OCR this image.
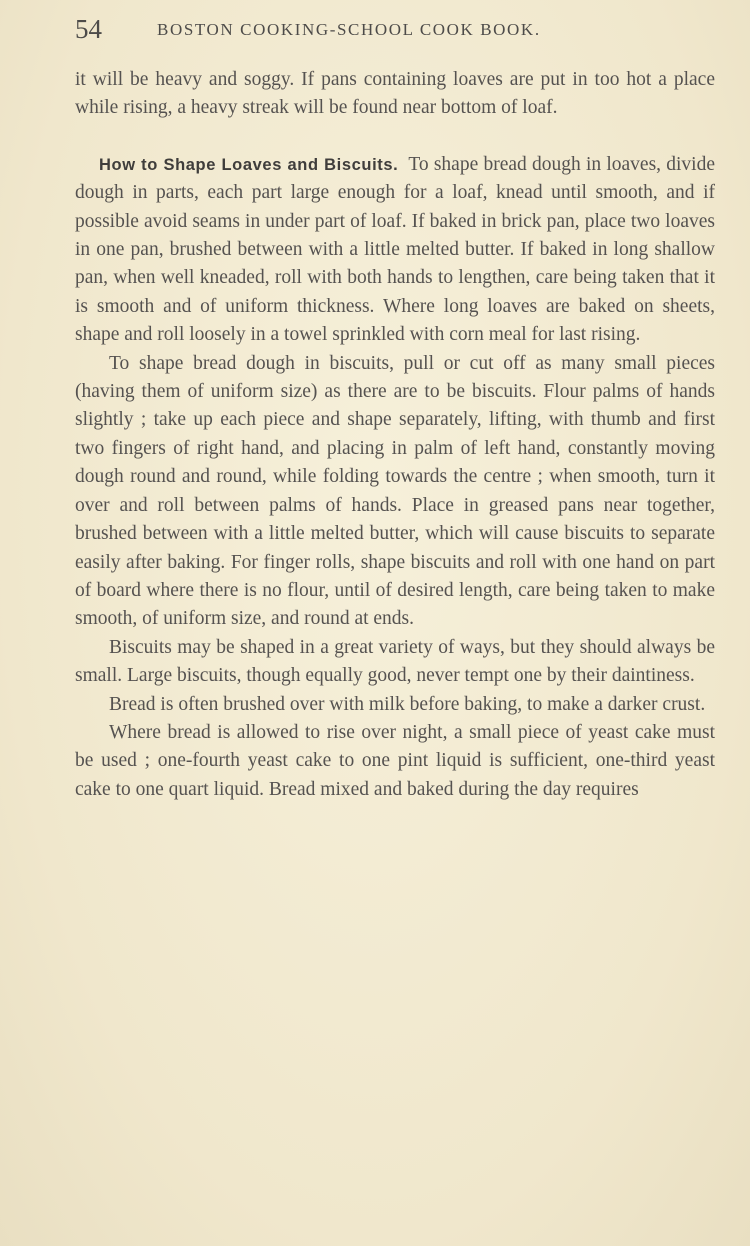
54	BOSTON COOKING-SCHOOL COOK BOOK.

it will be heavy and soggy. If pans containing loaves are put in too hot a place while rising, a heavy streak will be found near bottom of loaf.

How to Shape Loaves and Biscuits. To shape bread dough in loaves, divide dough in parts, each part large enough for a loaf, knead until smooth, and if possible avoid seams in under part of loaf. If baked in brick pan, place two loaves in one pan, brushed between with a little melted butter. If baked in long shallow pan, when well kneaded, roll with both hands to lengthen, care being taken that it is smooth and of uniform thickness. Where long loaves are baked on sheets, shape and roll loosely in a towel sprinkled with corn meal for last rising.

To shape bread dough in biscuits, pull or cut off as many small pieces (having them of uniform size) as there are to be biscuits. Flour palms of hands slightly ; take up each piece and shape separately, lifting, with thumb and first two fingers of right hand, and placing in palm of left hand, constantly moving dough round and round, while folding towards the centre ; when smooth, turn it over and roll between palms of hands. Place in greased pans near together, brushed between with a little melted butter, which will cause biscuits to separate easily after baking. For finger rolls, shape biscuits and roll with one hand on part of board where there is no flour, until of desired length, care being taken to make smooth, of uniform size, and round at ends.

Biscuits may be shaped in a great variety of ways, but they should always be small. Large biscuits, though equally good, never tempt one by their daintiness.

Bread is often brushed over with milk before baking, to make a darker crust.

Where bread is allowed to rise over night, a small piece of yeast cake must be used ; one-fourth yeast cake to one pint liquid is sufficient, one-third yeast cake to one quart liquid. Bread mixed and baked during the day requires
